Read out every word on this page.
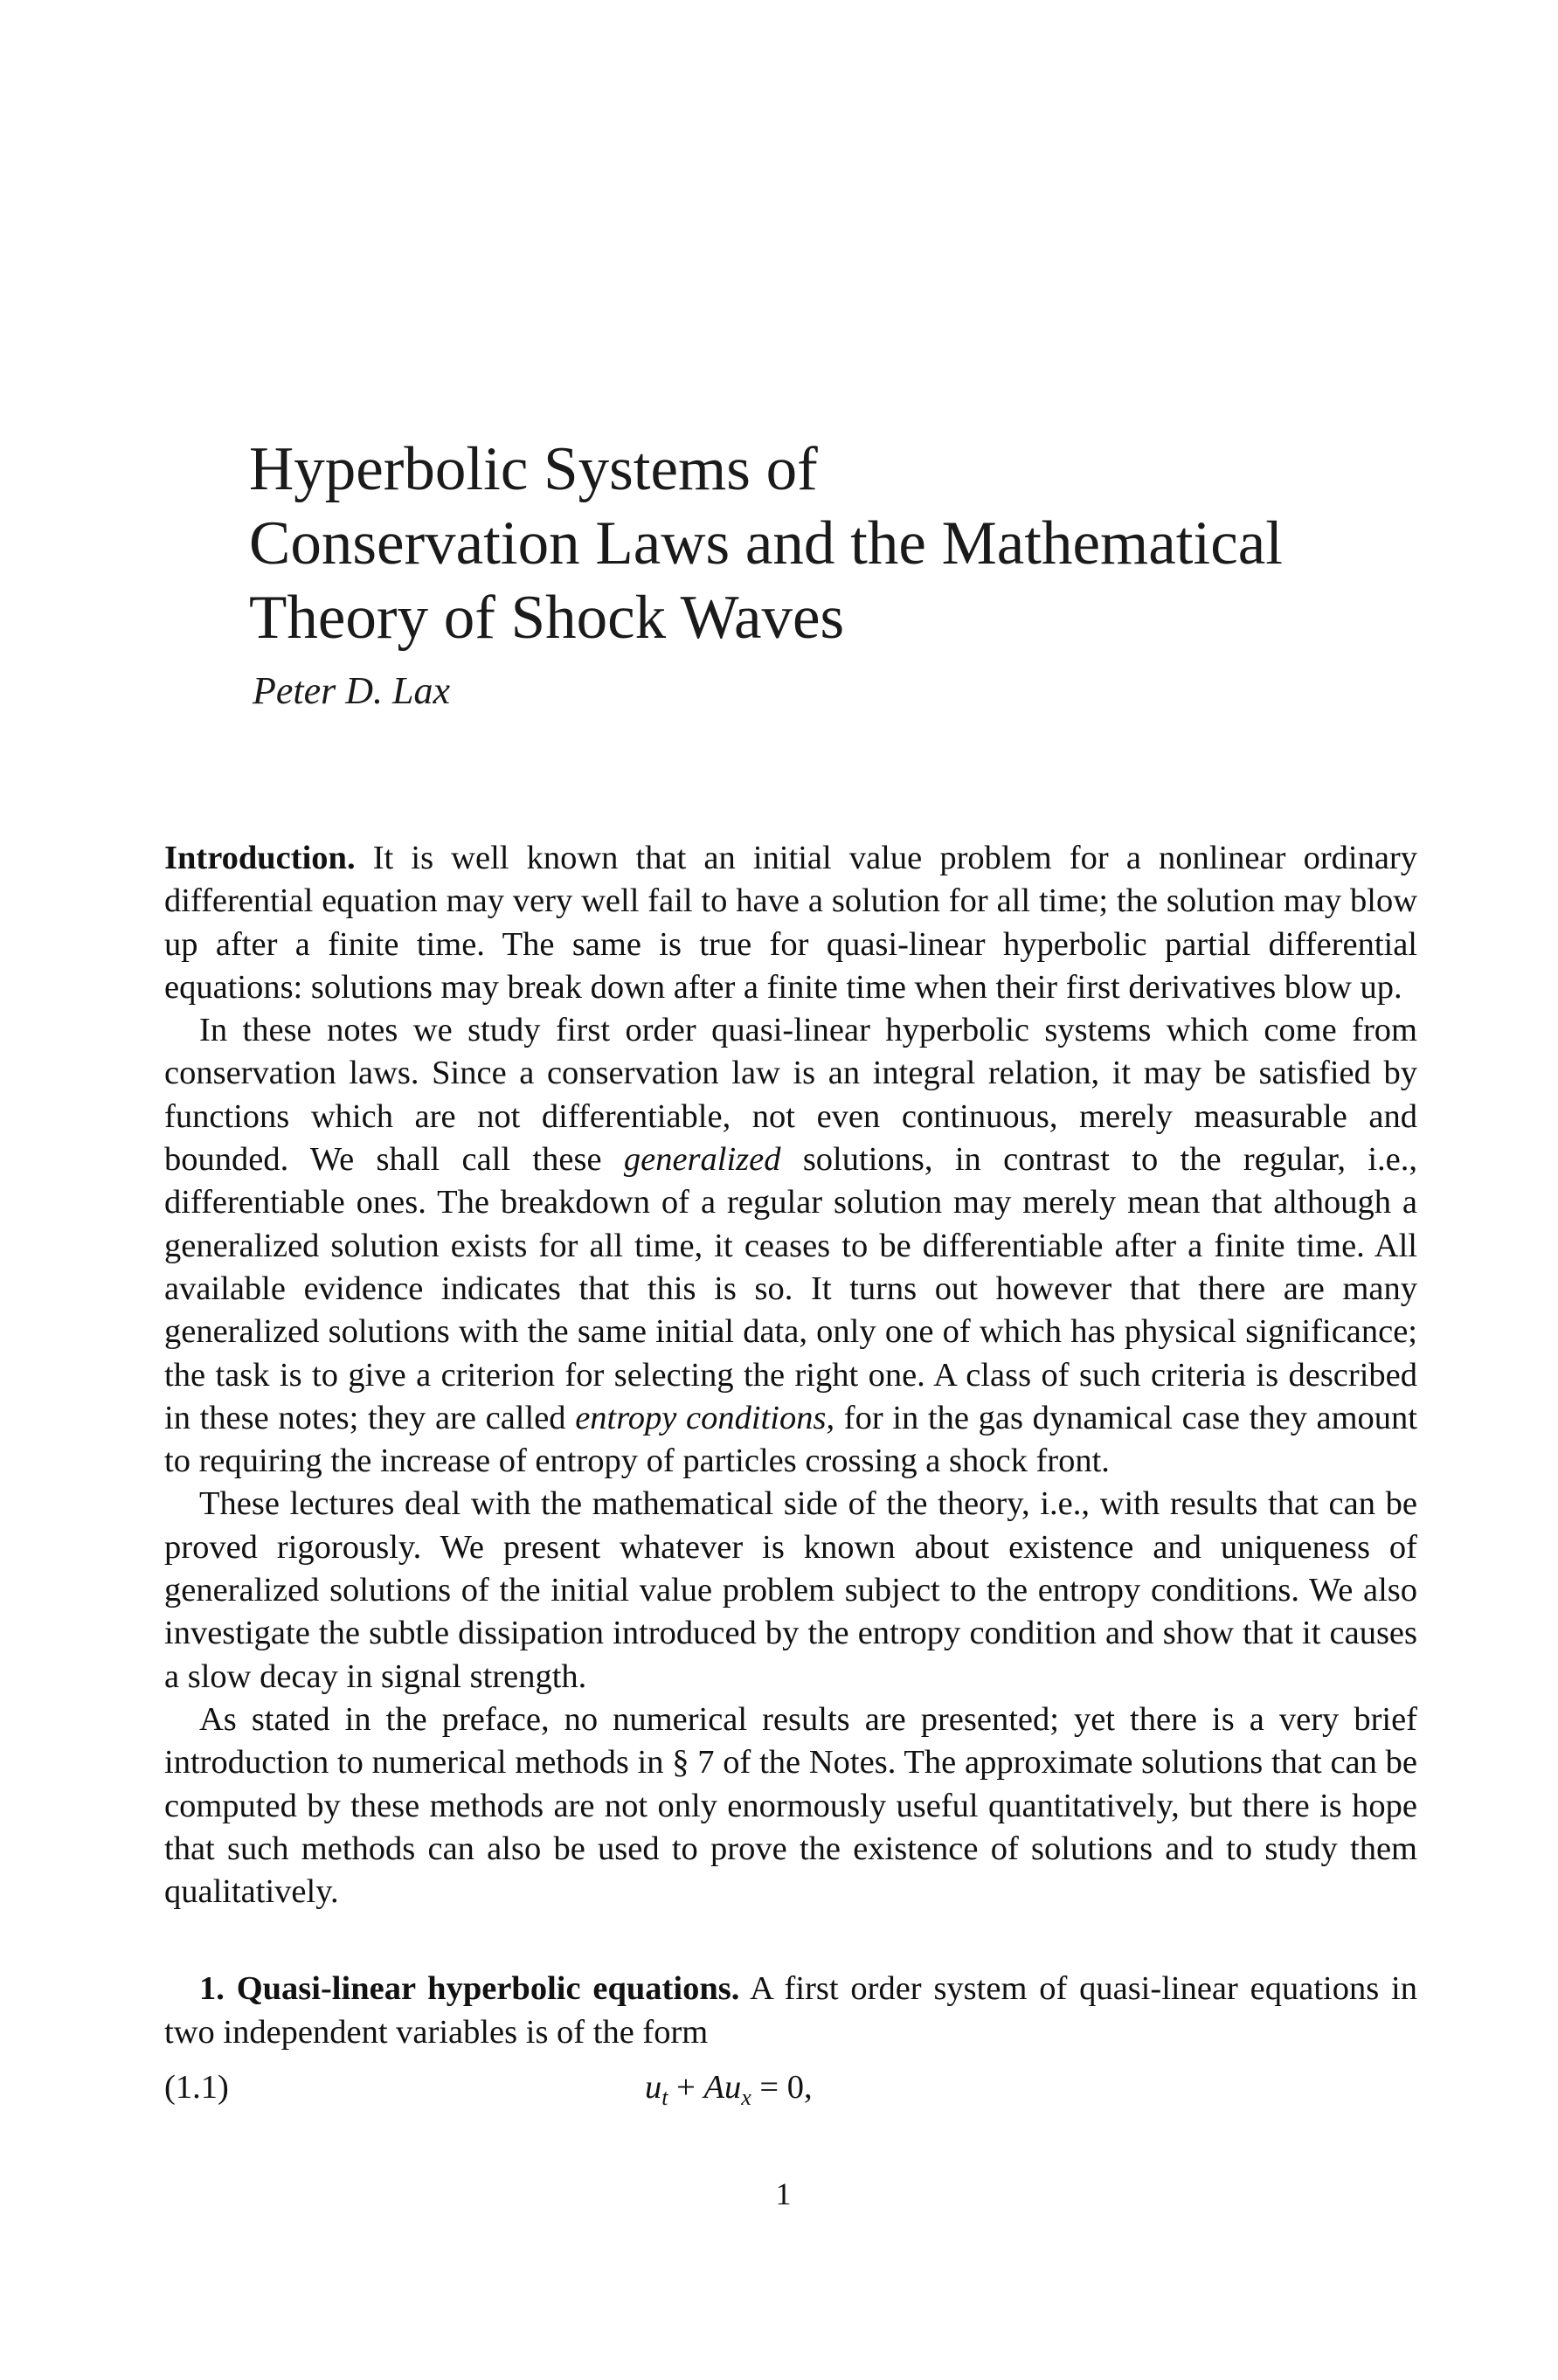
Hyperbolic Systems of
Conservation Laws and the Mathematical
Theory of Shock Waves

Peter D. Lax

Introduction. It is well known that an initial value problem for a nonlinear ordinary differential equation may very well fail to have a solution for all time; the solution may blow up after a finite time. The same is true for quasi-linear hyperbolic partial differential equations: solutions may break down after a finite time when their first derivatives blow up.

In these notes we study first order quasi-linear hyperbolic systems which come from conservation laws. Since a conservation law is an integral relation, it may be satisfied by functions which are not differentiable, not even continuous, merely measurable and bounded. We shall call these generalized solutions, in contrast to the regular, i.e., differentiable ones. The breakdown of a regular solution may merely mean that although a generalized solution exists for all time, it ceases to be differentiable after a finite time. All available evidence indicates that this is so. It turns out however that there are many generalized solutions with the same initial data, only one of which has physical significance; the task is to give a criterion for selecting the right one. A class of such criteria is described in these notes; they are called entropy conditions, for in the gas dynamical case they amount to requiring the increase of entropy of particles crossing a shock front.

These lectures deal with the mathematical side of the theory, i.e., with results that can be proved rigorously. We present whatever is known about existence and uniqueness of generalized solutions of the initial value problem subject to the entropy conditions. We also investigate the subtle dissipation introduced by the entropy condition and show that it causes a slow decay in signal strength.

As stated in the preface, no numerical results are presented; yet there is a very brief introduction to numerical methods in § 7 of the Notes. The approximate solutions that can be computed by these methods are not only enormously useful quantitatively, but there is hope that such methods can also be used to prove the existence of solutions and to study them qualitatively.

1. Quasi-linear hyperbolic equations. A first order system of quasi-linear equations in two independent variables is of the form

(1.1)	$u_t + Au_x = 0$,
1
